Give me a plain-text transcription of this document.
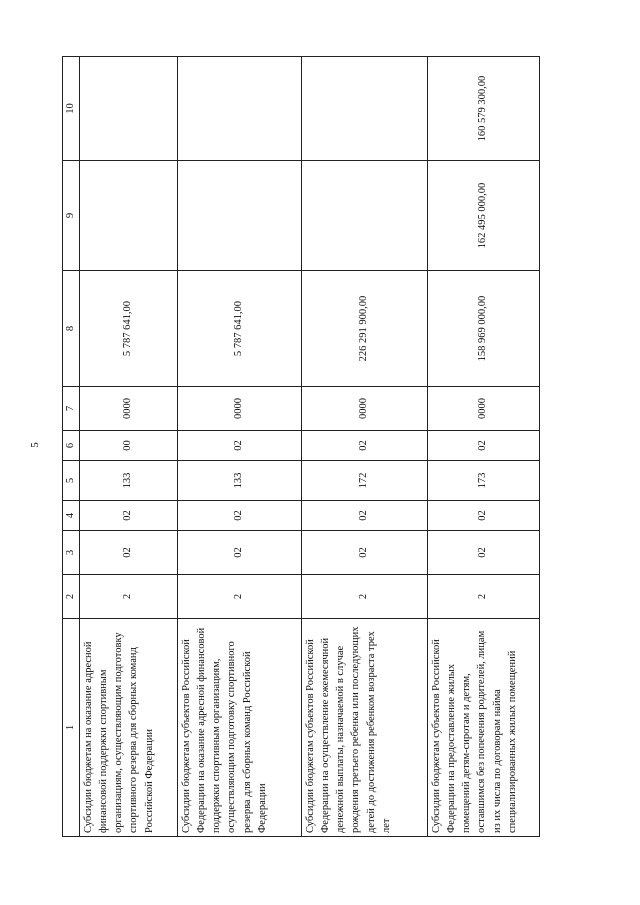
5
1	2	3	4	5	6	7	8	9	10
Субсидии бюджетам на оказание адресной финансовой поддержки спортивным организациям, осуществляющим подготовку спортивного резерва для сборных команд Российской Федерации	2	02	02	133	00	0000	5 787 641,00		
Субсидии бюджетам субъектов Российской Федерации на оказание адресной финансовой поддержки спортивным организациям, осуществляющим подготовку спортивного резерва для сборных команд Российской Федерации	2	02	02	133	02	0000	5 787 641,00		
Субсидии бюджетам субъектов Российской Федерации на осуществление ежемесячной денежной выплаты, назначаемой в случае рождения третьего ребенка или последующих детей до достижения ребенком возраста трех лет	2	02	02	172	02	0000	226 291 900,00		
Субсидии бюджетам субъектов Российской Федерации на предоставление жилых помещений детям-сиротам и детям, оставшимся без попечения родителей, лицам из их числа по договорам найма специализированных жилых помещений	2	02	02	173	02	0000	158 969 000,00	162 495 000,00	160 579 300,00
